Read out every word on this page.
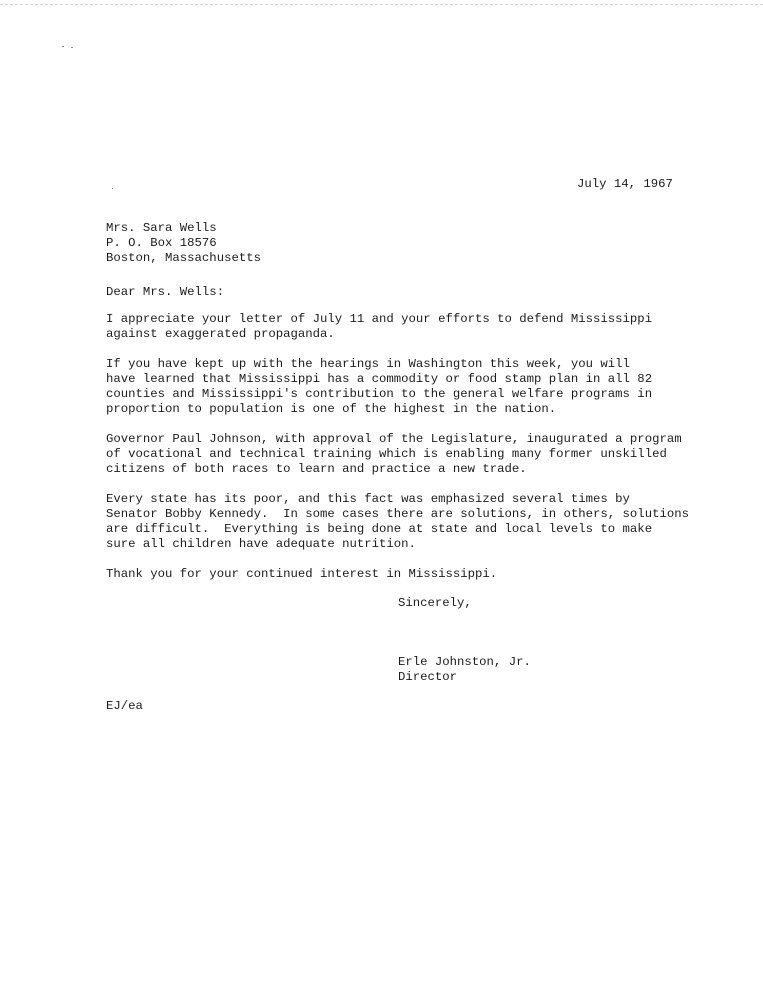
July 14, 1967
Mrs. Sara Wells
P. O. Box 18576
Boston, Massachusetts
Dear Mrs. Wells:
I appreciate your letter of July 11 and your efforts to defend Mississippi
against exaggerated propaganda.
If you have kept up with the hearings in Washington this week, you will
have learned that Mississippi has a commodity or food stamp plan in all 82
counties and Mississippi's contribution to the general welfare programs in
proportion to population is one of the highest in the nation.
Governor Paul Johnson, with approval of the Legislature, inaugurated a program
of vocational and technical training which is enabling many former unskilled
citizens of both races to learn and practice a new trade.
Every state has its poor, and this fact was emphasized several times by
Senator Bobby Kennedy.  In some cases there are solutions, in others, solutions
are difficult.  Everything is being done at state and local levels to make
sure all children have adequate nutrition.
Thank you for your continued interest in Mississippi.
Sincerely,
Erle Johnston, Jr.
Director
EJ/ea
